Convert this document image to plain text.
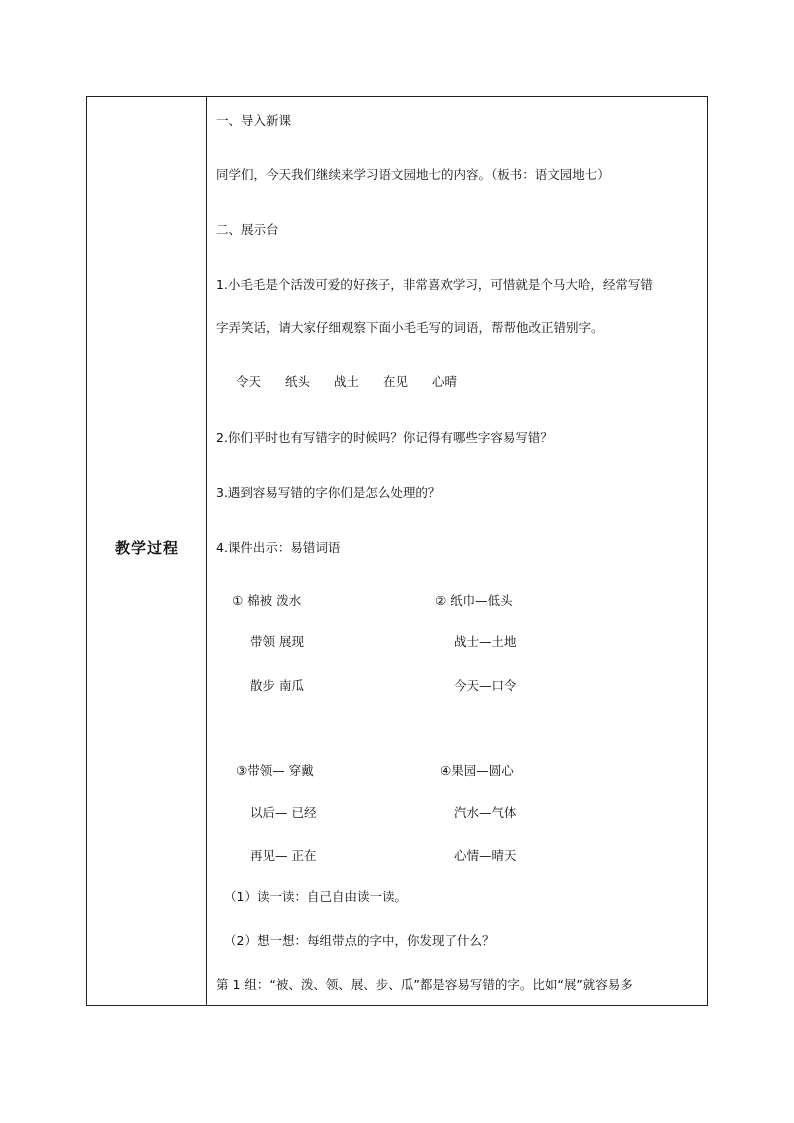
教学过程
一、导入新课
同学们，今天我们继续来学习语文园地七的内容。（板书：语文园地七）
二、展示台
1.小毛毛是个活泼可爱的好孩子，非常喜欢学习，可惜就是个马大哈，经常写错
字弄笑话，请大家仔细观察下面小毛毛写的词语，帮帮他改正错别字。
令天 纸头 战土 在见 心晴
2.你们平时也有写错字的时候吗？你记得有哪些字容易写错？
3.遇到容易写错的字你们是怎么处理的？
4.课件出示：易错词语
① 棉被 泼水
带领 展现
散步 南瓜
② 纸巾—低头
战士—土地
今天—口令
③带领— 穿戴
以后— 已经
再见— 正在
④果园—圆心
汽水—气体
心情—晴天
（1）读一读：自己自由读一读。
（2）想一想：每组带点的字中，你发现了什么？
第 1 组：“被、泼、领、展、步、瓜”都是容易写错的字。比如“展”就容易多
